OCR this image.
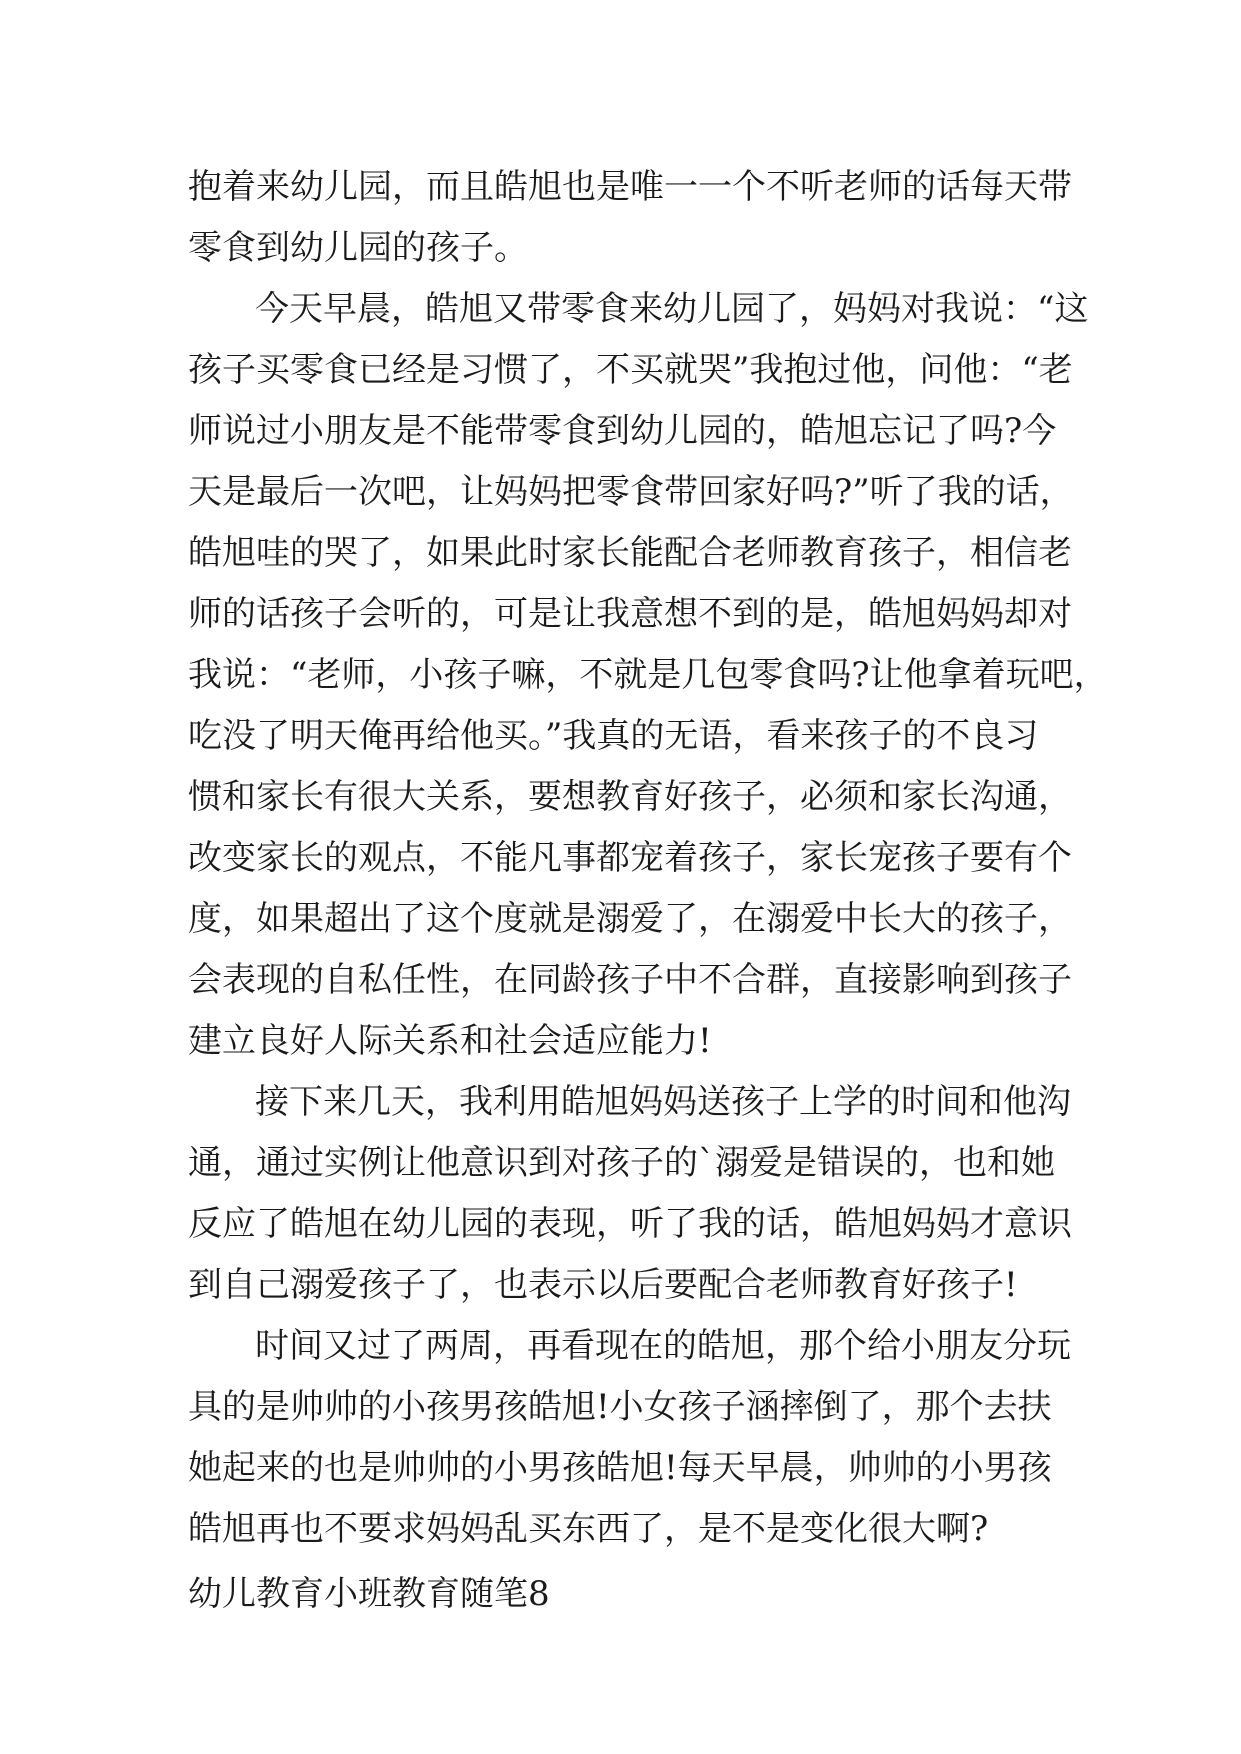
抱着来幼儿园，而且皓旭也是唯一一个不听老师的话每天带
零食到幼儿园的孩子。
今天早晨，皓旭又带零食来幼儿园了，妈妈对我说：“这
孩子买零食已经是习惯了，不买就哭”我抱过他，问他：“老
师说过小朋友是不能带零食到幼儿园的，皓旭忘记了吗?今
天是最后一次吧，让妈妈把零食带回家好吗?”听了我的话，
皓旭哇的哭了，如果此时家长能配合老师教育孩子，相信老
师的话孩子会听的，可是让我意想不到的是，皓旭妈妈却对
我说：“老师，小孩子嘛，不就是几包零食吗?让他拿着玩吧，
吃没了明天俺再给他买。”我真的无语，看来孩子的不良习
惯和家长有很大关系，要想教育好孩子，必须和家长沟通，
改变家长的观点，不能凡事都宠着孩子，家长宠孩子要有个
度，如果超出了这个度就是溺爱了，在溺爱中长大的孩子，
会表现的自私任性，在同龄孩子中不合群，直接影响到孩子
建立良好人际关系和社会适应能力!
接下来几天，我利用皓旭妈妈送孩子上学的时间和他沟
通，通过实例让他意识到对孩子的`溺爱是错误的，也和她
反应了皓旭在幼儿园的表现，听了我的话，皓旭妈妈才意识
到自己溺爱孩子了，也表示以后要配合老师教育好孩子!
时间又过了两周，再看现在的皓旭，那个给小朋友分玩
具的是帅帅的小孩男孩皓旭!小女孩子涵摔倒了，那个去扶
她起来的也是帅帅的小男孩皓旭!每天早晨，帅帅的小男孩
皓旭再也不要求妈妈乱买东西了，是不是变化很大啊?
幼儿教育小班教育随笔8
